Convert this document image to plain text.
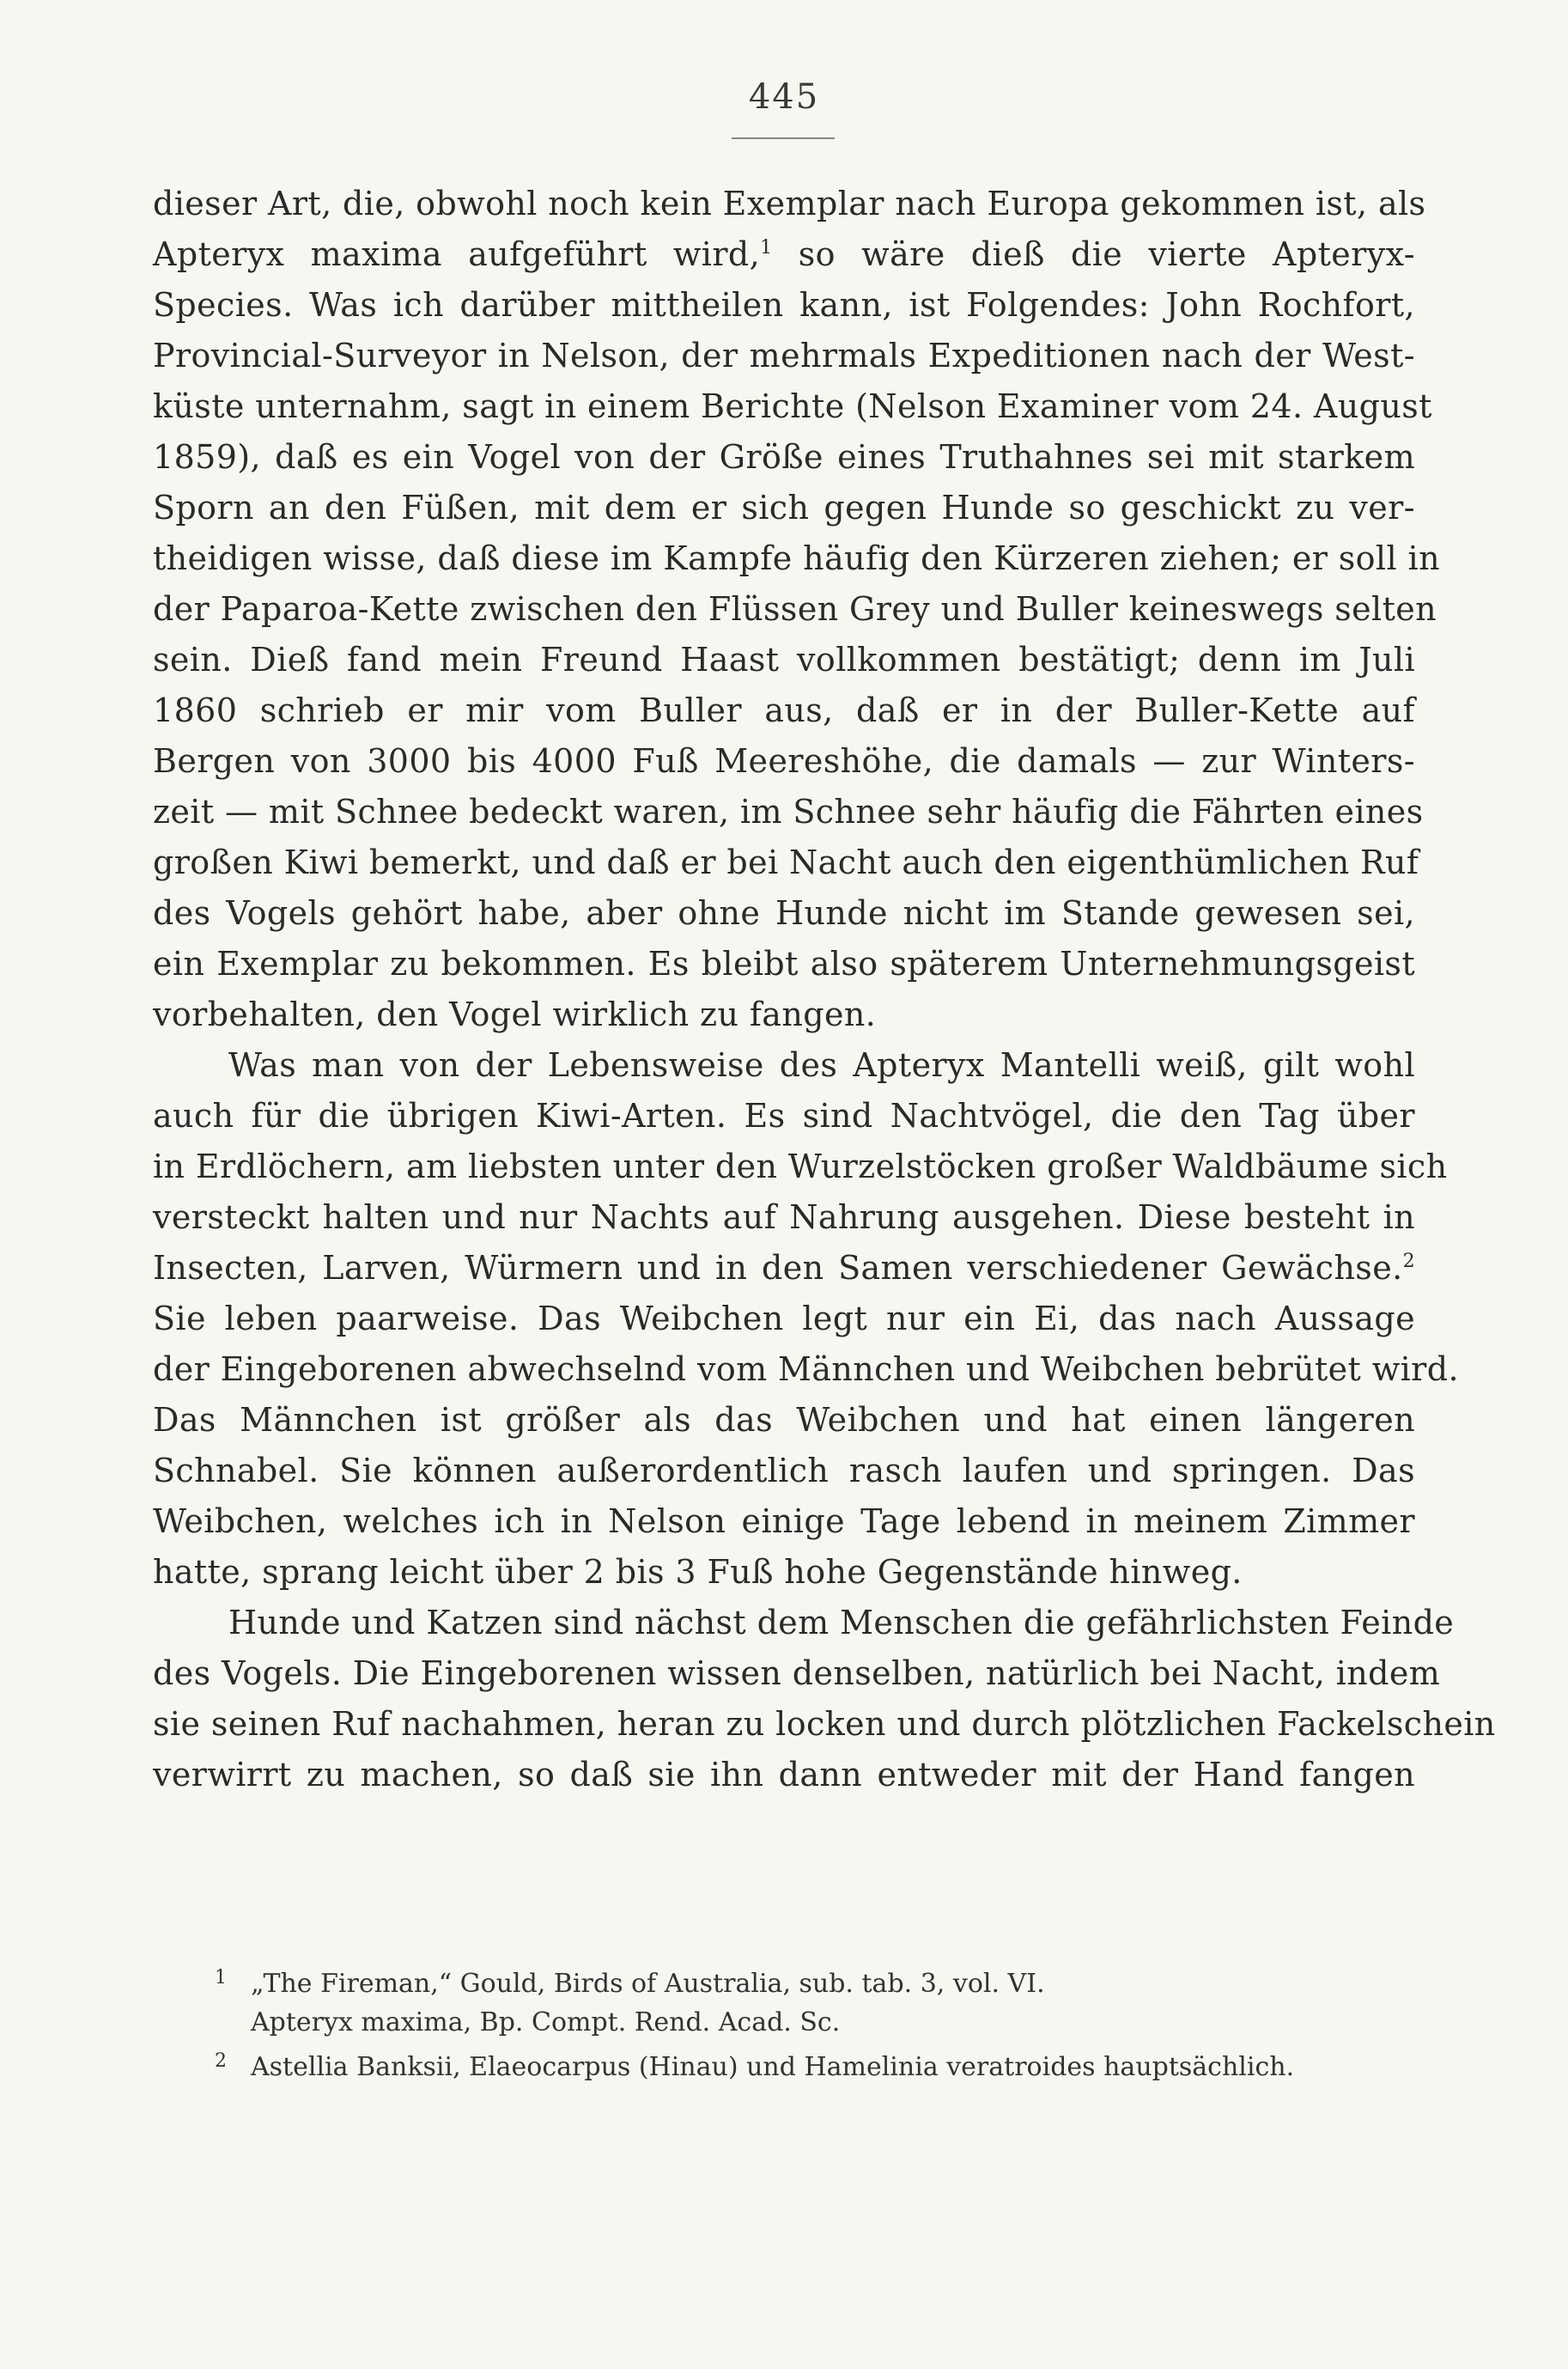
445
dieser Art, die, obwohl noch kein Exemplar nach Europa gekommen ist, als
Apteryx maxima aufgeführt wird,$^1$ so wäre dieß die vierte Apteryx-
Species. Was ich darüber mittheilen kann, ist Folgendes: John Rochfort,
Provincial-Surveyor in Nelson, der mehrmals Expeditionen nach der West-
küste unternahm, sagt in einem Berichte (Nelson Examiner vom 24. August
1859), daß es ein Vogel von der Größe eines Truthahnes sei mit starkem
Sporn an den Füßen, mit dem er sich gegen Hunde so geschickt zu ver-
theidigen wisse, daß diese im Kampfe häufig den Kürzeren ziehen; er soll in
der Paparoa-Kette zwischen den Flüssen Grey und Buller keineswegs selten
sein. Dieß fand mein Freund Haast vollkommen bestätigt; denn im Juli
1860 schrieb er mir vom Buller aus, daß er in der Buller-Kette auf
Bergen von 3000 bis 4000 Fuß Meereshöhe, die damals — zur Winters-
zeit — mit Schnee bedeckt waren, im Schnee sehr häufig die Fährten eines
großen Kiwi bemerkt, und daß er bei Nacht auch den eigenthümlichen Ruf
des Vogels gehört habe, aber ohne Hunde nicht im Stande gewesen sei,
ein Exemplar zu bekommen. Es bleibt also späterem Unternehmungsgeist
vorbehalten, den Vogel wirklich zu fangen.
Was man von der Lebensweise des Apteryx Mantelli weiß, gilt wohl
auch für die übrigen Kiwi-Arten. Es sind Nachtvögel, die den Tag über
in Erdlöchern, am liebsten unter den Wurzelstöcken großer Waldbäume sich
versteckt halten und nur Nachts auf Nahrung ausgehen. Diese besteht in
Insecten, Larven, Würmern und in den Samen verschiedener Gewächse.$^2$
Sie leben paarweise. Das Weibchen legt nur ein Ei, das nach Aussage
der Eingeborenen abwechselnd vom Männchen und Weibchen bebrütet wird.
Das Männchen ist größer als das Weibchen und hat einen längeren
Schnabel. Sie können außerordentlich rasch laufen und springen. Das
Weibchen, welches ich in Nelson einige Tage lebend in meinem Zimmer
hatte, sprang leicht über 2 bis 3 Fuß hohe Gegenstände hinweg.
Hunde und Katzen sind nächst dem Menschen die gefährlichsten Feinde
des Vogels. Die Eingeborenen wissen denselben, natürlich bei Nacht, indem
sie seinen Ruf nachahmen, heran zu locken und durch plötzlichen Fackelschein
verwirrt zu machen, so daß sie ihn dann entweder mit der Hand fangen
1 „The Fireman,“ Gould, Birds of Australia, sub. tab. 3, vol. VI.
Apteryx maxima, Bp. Compt. Rend. Acad. Sc.
2 Astellia Banksii, Elaeocarpus (Hinau) und Hamelinia veratroides hauptsächlich.
